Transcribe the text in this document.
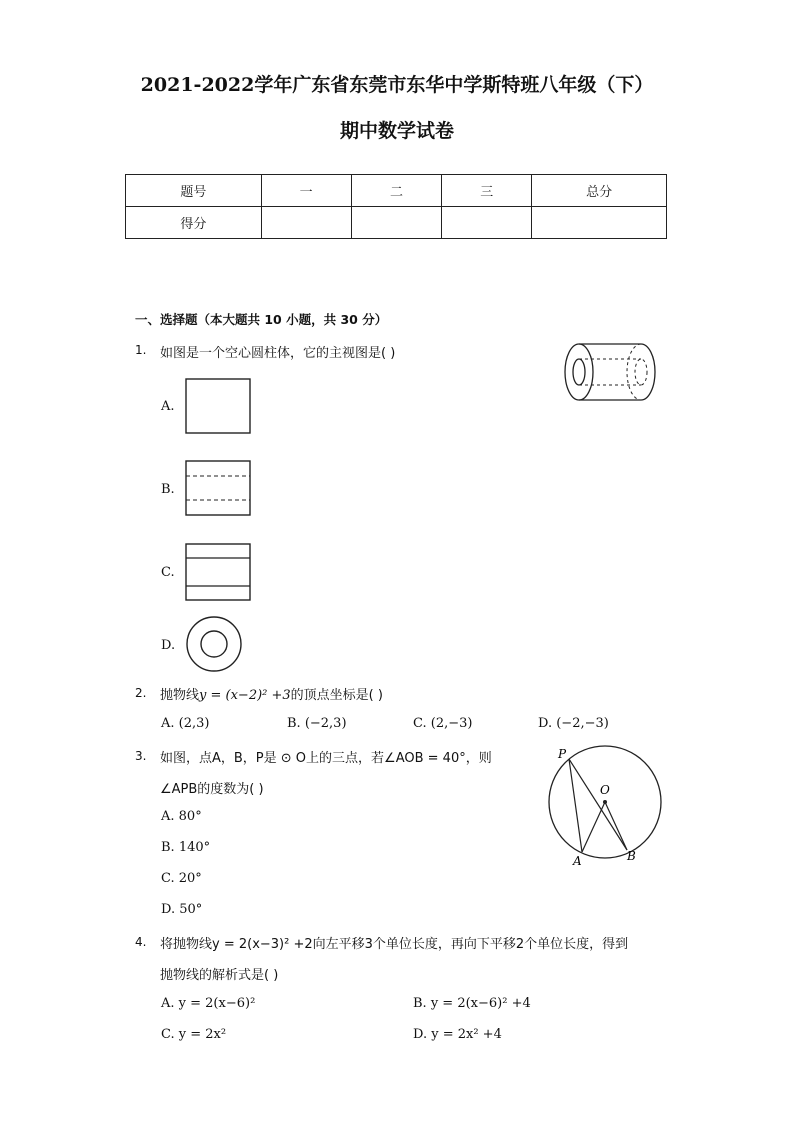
2021-2022学年广东省东莞市东华中学斯特班八年级（下）
期中数学试卷
题号	一	二	三	总分
得分				
一、选择题（本大题共 10 小题，共 30 分）
1. 如图是一个空心圆柱体，它的主视图是( )
A.
B.
C.
D.
2. 抛物线y = (x−2)² +3的顶点坐标是( )
A. (2,3)	B. (−2,3)	C. (2,−3)	D. (−2,−3)
3. 如图，点A，B，P是 ⊙ O上的三点，若∠AOB = 40°，则
∠APB的度数为( )
A. 80°
B. 140°
C. 20°
D. 50°
P
O
A	B
4. 将抛物线y = 2(x−3)² +2向左平移3个单位长度，再向下平移2个单位长度，得到
抛物线的解析式是( )
A. y = 2(x−6)²	B. y = 2(x−6)² +4
C. y = 2x²	D. y = 2x² +4
